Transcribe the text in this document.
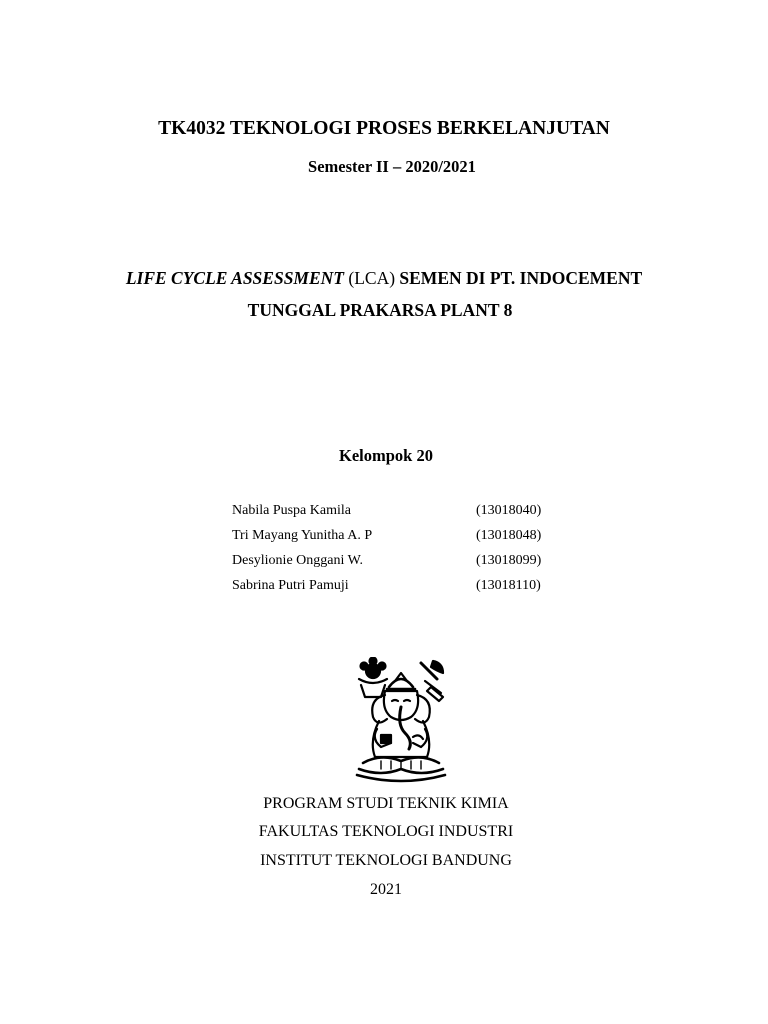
TK4032 TEKNOLOGI PROSES BERKELANJUTAN
Semester II – 2020/2021
LIFE CYCLE ASSESSMENT (LCA) SEMEN DI PT. INDOCEMENT
TUNGGAL PRAKARSA PLANT 8
Kelompok 20
Nabila Puspa Kamila	(13018040)
Tri Mayang Yunitha A. P	(13018048)
Desylionie Onggani W.	(13018099)
Sabrina Putri Pamuji	(13018110)
PROGRAM STUDI TEKNIK KIMIA
FAKULTAS TEKNOLOGI INDUSTRI
INSTITUT TEKNOLOGI BANDUNG
2021
